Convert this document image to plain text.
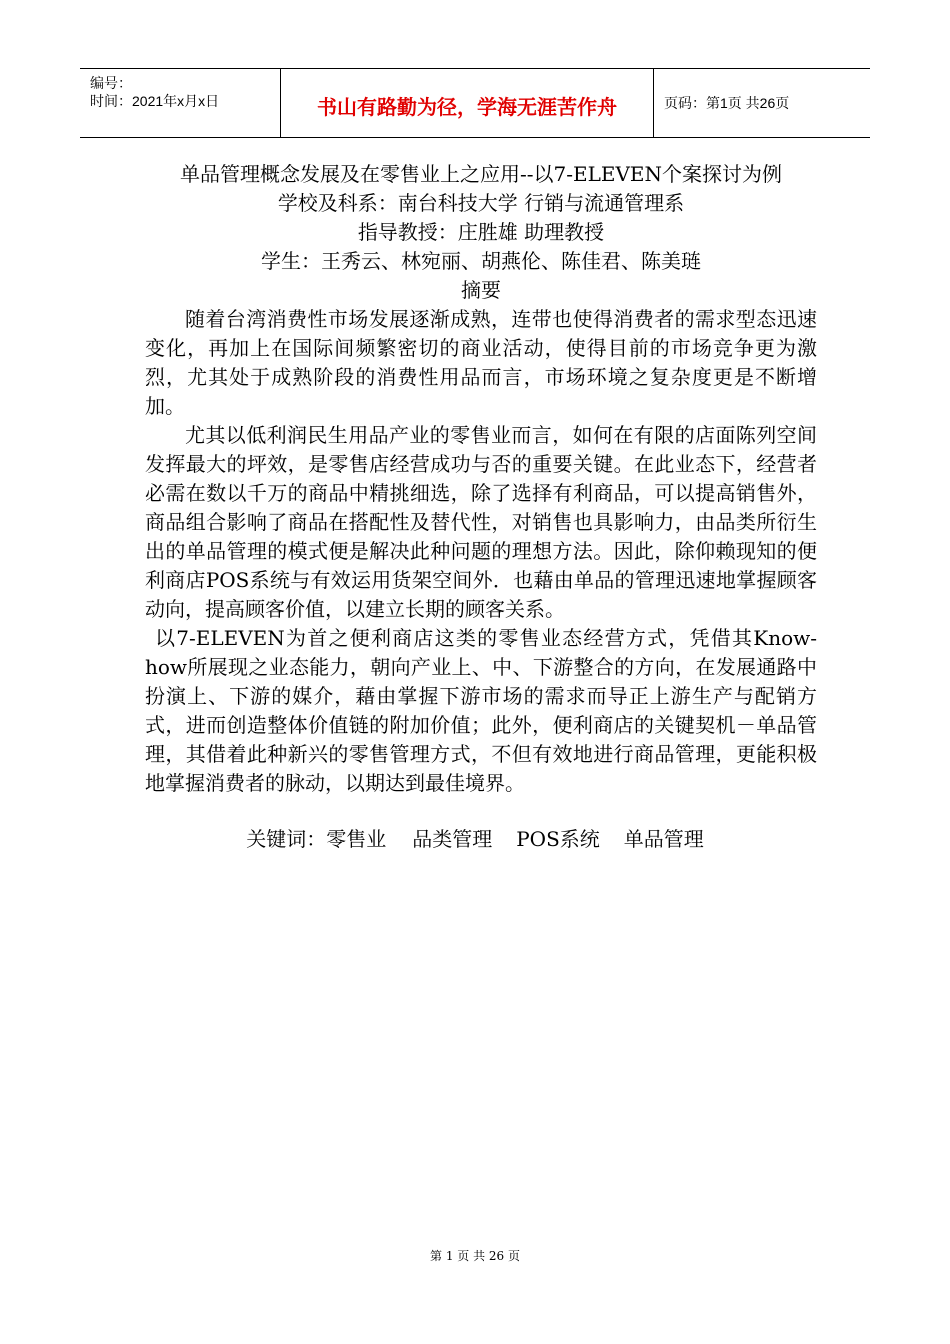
编号：
时间：2021年x月x日	书山有路勤为径，学海无涯苦作舟	页码：第1页 共26页

单品管理概念发展及在零售业上之应用--以7-ELEVEN个案探讨为例

学校及科系：南台科技大学 行销与流通管理系

指导教授：庄胜雄 助理教授

学生：王秀云、林宛丽、胡燕伦、陈佳君、陈美琏

摘要

随着台湾消费性市场发展逐渐成熟，连带也使得消费者的需求型态迅速变化，再加上在国际间频繁密切的商业活动，使得目前的市场竞争更为激烈，尤其处于成熟阶段的消费性用品而言，市场环境之复杂度更是不断增加。

尤其以低利润民生用品产业的零售业而言，如何在有限的店面陈列空间发挥最大的坪效，是零售店经营成功与否的重要关键。在此业态下，经营者必需在数以千万的商品中精挑细选，除了选择有利商品，可以提高销售外，商品组合影响了商品在搭配性及替代性，对销售也具影响力，由品类所衍生出的单品管理的模式便是解决此种问题的理想方法。因此，除仰赖现知的便利商店POS系统与有效运用货架空间外．也藉由单品的管理迅速地掌握顾客动向，提高顾客价值，以建立长期的顾客关系。

以7-ELEVEN为首之便利商店这类的零售业态经营方式，凭借其Know-how所展现之业态能力，朝向产业上、中、下游整合的方向，在发展通路中扮演上、下游的媒介，藉由掌握下游市场的需求而导正上游生产与配销方式，进而创造整体价值链的附加价值；此外，便利商店的关键契机－单品管理，其借着此种新兴的零售管理方式，不但有效地进行商品管理，更能积极地掌握消费者的脉动，以期达到最佳境界。

关键词：零售业 品类管理 POS系统 单品管理

第 1 页 共 26 页
